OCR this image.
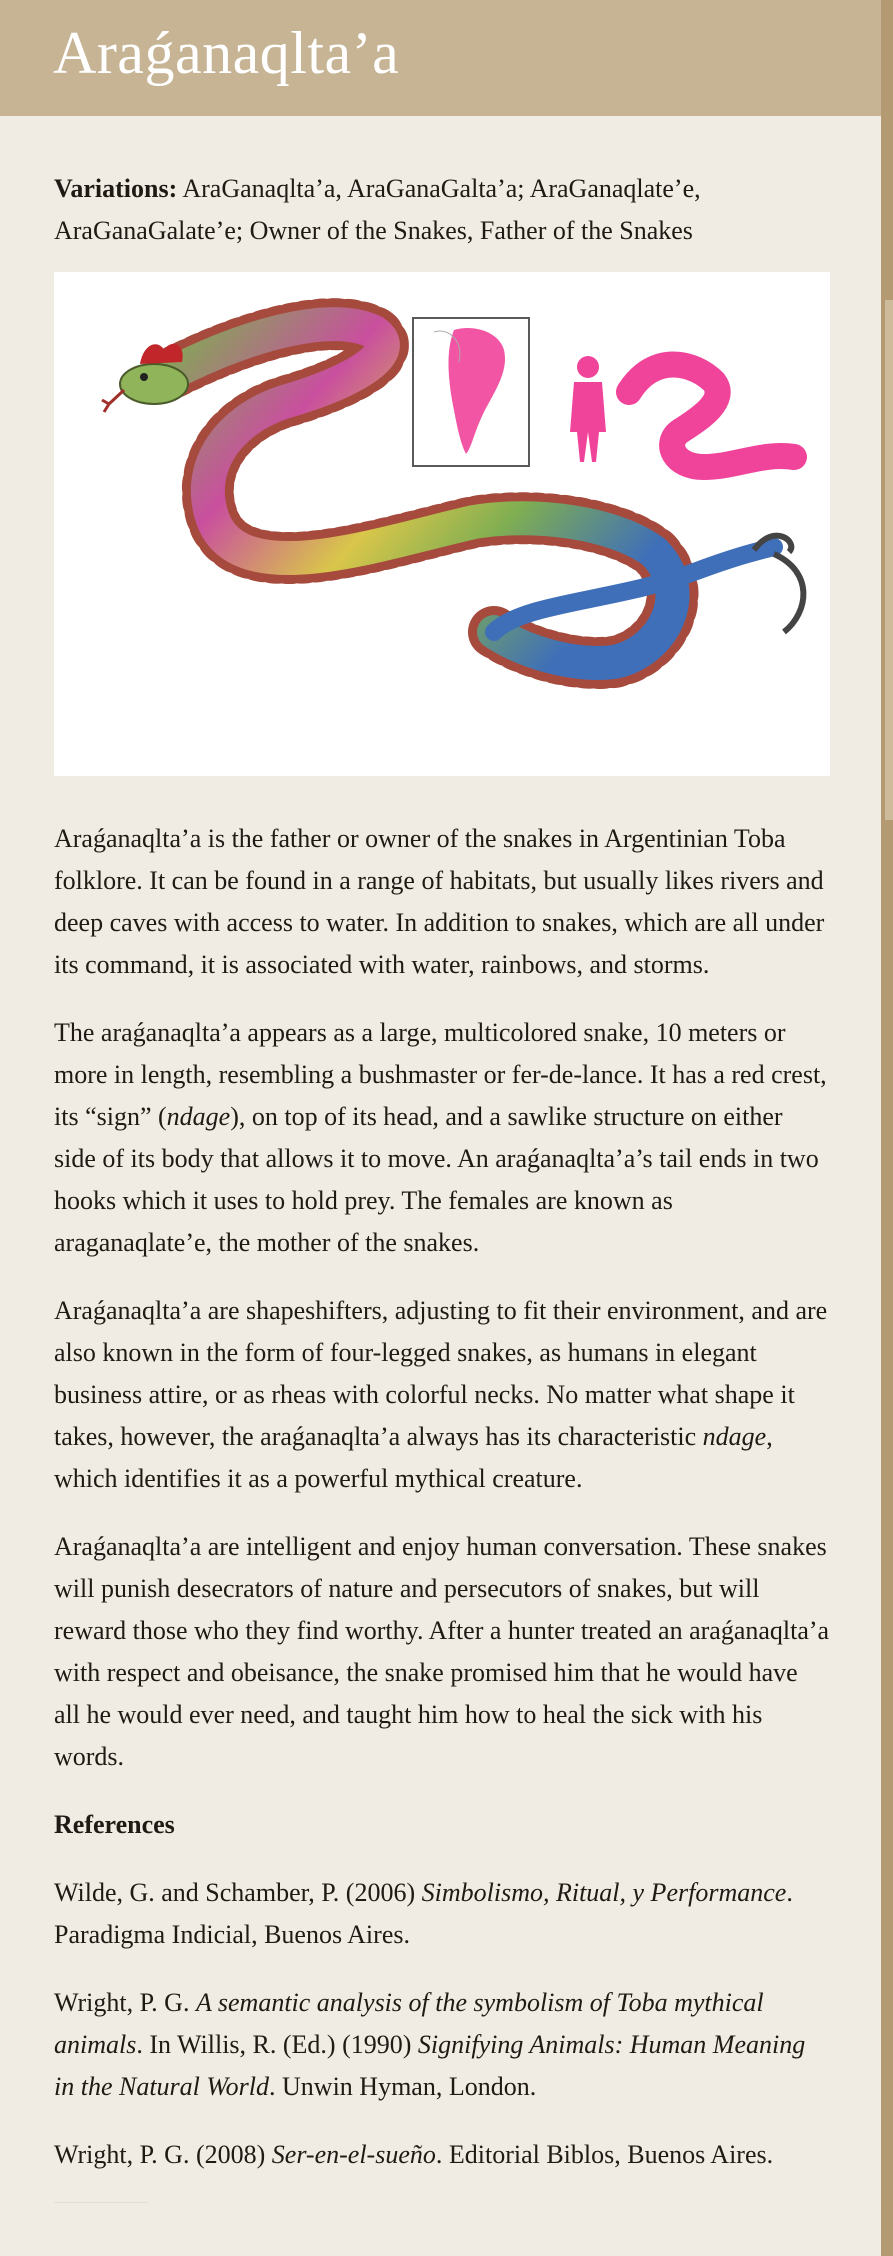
Araǵanaqlta’a

Variations: AraGanaqlta’a, AraGanaGalta’a; AraGanaqlate’e, AraGanaGalate’e; Owner of the Snakes, Father of the Snakes

Araǵanaqlta’a is the father or owner of the snakes in Argentinian Toba folklore. It can be found in a range of habitats, but usually likes rivers and deep caves with access to water. In addition to snakes, which are all under its command, it is associated with water, rainbows, and storms.

The araǵanaqlta’a appears as a large, multicolored snake, 10 meters or more in length, resembling a bushmaster or fer-de-lance. It has a red crest, its “sign” (ndage), on top of its head, and a sawlike structure on either side of its body that allows it to move. An araǵanaqlta’a’s tail ends in two hooks which it uses to hold prey. The females are known as araganaqlate’e, the mother of the snakes.

Araǵanaqlta’a are shapeshifters, adjusting to fit their environment, and are also known in the form of four-legged snakes, as humans in elegant business attire, or as rheas with colorful necks. No matter what shape it takes, however, the araǵanaqlta’a always has its characteristic ndage, which identifies it as a powerful mythical creature.

Araǵanaqlta’a are intelligent and enjoy human conversation. These snakes will punish desecrators of nature and persecutors of snakes, but will reward those who they find worthy. After a hunter treated an araǵanaqlta’a with respect and obeisance, the snake promised him that he would have all he would ever need, and taught him how to heal the sick with his words.

References

Wilde, G. and Schamber, P. (2006) Simbolismo, Ritual, y Performance. Paradigma Indicial, Buenos Aires.

Wright, P. G. A semantic analysis of the symbolism of Toba mythical animals. In Willis, R. (Ed.) (1990) Signifying Animals: Human Meaning in the Natural World. Unwin Hyman, London.

Wright, P. G. (2008) Ser-en-el-sueño. Editorial Biblos, Buenos Aires.
